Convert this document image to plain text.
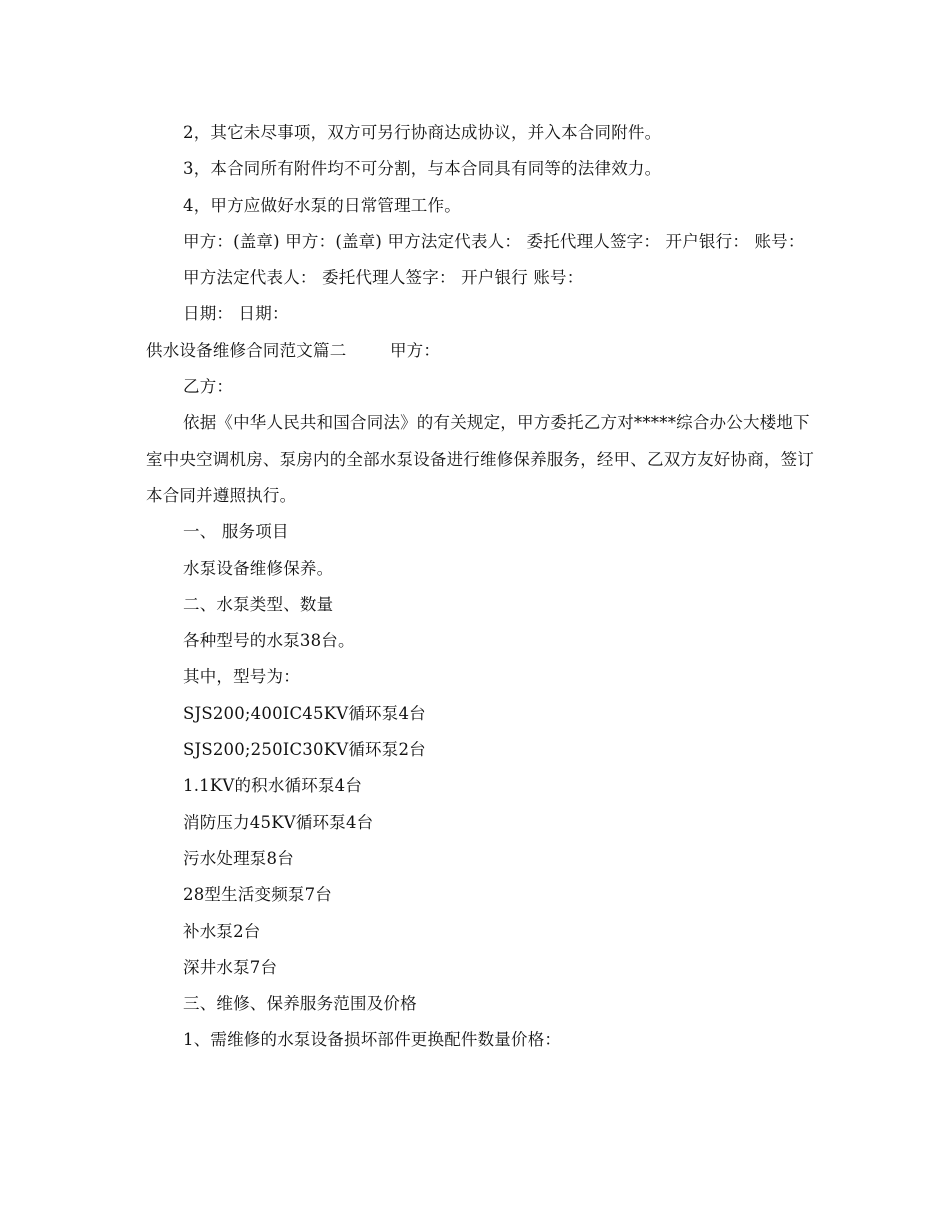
2，其它未尽事项，双方可另行协商达成协议，并入本合同附件。

3，本合同所有附件均不可分割，与本合同具有同等的法律效力。

4，甲方应做好水泵的日常管理工作。

甲方：(盖章) 甲方：(盖章) 甲方法定代表人： 委托代理人签字： 开户银行： 账号：

甲方法定代表人： 委托代理人签字： 开户银行 账号：

日期： 日期：

供水设备维修合同范文篇二        甲方：

乙方：

依据《中华人民共和国合同法》的有关规定，甲方委托乙方对*****综合办公大楼地下室中央空调机房、泵房内的全部水泵设备进行维修保养服务，经甲、乙双方友好协商，签订本合同并遵照执行。

一、 服务项目

水泵设备维修保养。

二、水泵类型、数量

各种型号的水泵38台。

其中，型号为：

SJS200;400IC45KV循环泵4台

SJS200;250IC30KV循环泵2台

1.1KV的积水循环泵4台

消防压力45KV循环泵4台

污水处理泵8台

28型生活变频泵7台

补水泵2台

深井水泵7台

三、维修、保养服务范围及价格

1、需维修的水泵设备损坏部件更换配件数量价格：
